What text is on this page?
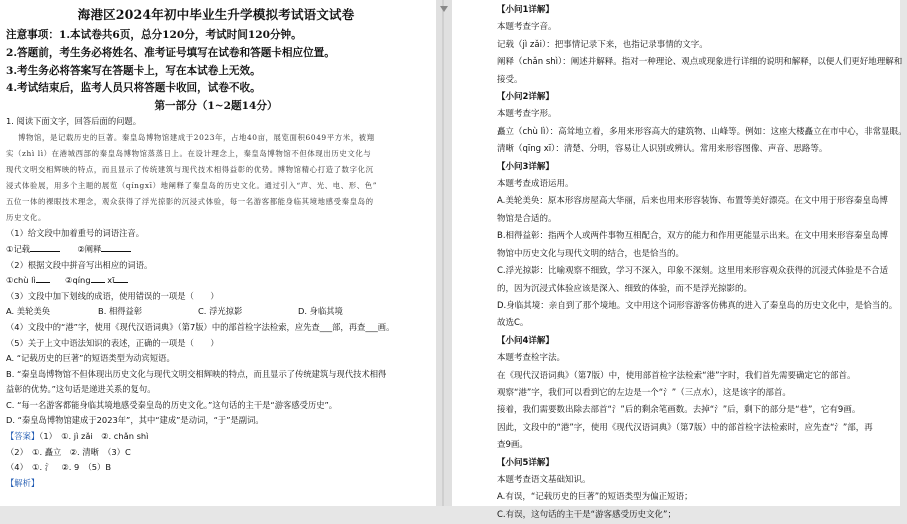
海港区2024年初中毕业生升学模拟考试语文试卷
注意事项：1.本试卷共6页，总分120分，考试时间120分钟。
2.答题前，考生务必将姓名、准考证号填写在试卷和答题卡相应位置。
3.考生务必将答案写在答题卡上，写在本试卷上无效。
4.考试结束后，监考人员只将答题卡收回，试卷不收。
第一部分（1~2题14分）
1. 阅读下面文字，回答后面的问题。
博物馆，是记载历史的巨著。秦皇岛博物馆建成于2023年，占地40亩，展览面积6049平方米，被翔
实（zhì lì）在港城西部的秦皇岛博物馆蒸蒸日上。在设计理念上，秦皇岛博物馆不但体现出历史文化与
现代文明交相辉映的特点，而且显示了传统建筑与现代技术相得益彰的优势。博物馆精心打造了数字化沉
浸式体验展，用多个主题的展览（qíngxī）地阐释了秦皇岛的历史文化。通过引入“声、光、电、形、色”
五位一体的裸眼技术理念，观众获得了浮光掠影的沉浸式体验，每一名游客都能身临其境地感受秦皇岛的
历史文化。
（1）给文段中加着重号的词语注音。
①记载	②阐释
（2）根据文段中拼音写出相应的词语。
①chù lì	②qíng xī
（3）文段中加下划线的成语，使用错误的一项是（　　）
A. 美轮美奂	B. 相得益彰	C. 浮光掠影	D. 身临其境
（4）文段中的“港”字，使用《现代汉语词典》（第7版）中的部首检字法检索，应先查___部，再查___画。
（5）关于上文中语法知识的表述，正确的一项是（　　）
A. “记载历史的巨著”的短语类型为动宾短语。
B. “秦皇岛博物馆不但体现出历史文化与现代文明交相辉映的特点，而且显示了传统建筑与现代技术相得
益彰的优势。”这句话是递进关系的复句。
C. “每一名游客都能身临其境地感受秦皇岛的历史文化。”这句话的主干是“游客感受历史”。
D. “秦皇岛博物馆建成于2023年”，其中“建成”是动词，“于”是副词。
【答案】（1）　①. jì zǎi　②. chǎn shì
（2）　①. 矗立　②. 清晰　（3）C
（4）　①. 氵　②. 9　（5）B
【解析】
【小问1详解】
本题考查字音。
记载（jì zǎi）：把事情记录下来，也指记录事情的文字。
阐释（chǎn shì）：阐述并解释。指对一种理论、观点或现象进行详细的说明和解释，以便人们更好地理解和
接受。
【小问2详解】
本题考查字形。
矗立（chù lì）：高耸地立着，多用来形容高大的建筑物、山峰等。例如：这座大楼矗立在市中心，非常显眼。
清晰（qīng xī）：清楚、分明，容易让人识别或辨认。常用来形容图像、声音、思路等。
【小问3详解】
本题考查成语运用。
A.美轮美奂：原本形容房屋高大华丽，后来也用来形容装饰、布置等美好漂亮。在文中用于形容秦皇岛博
物馆是合适的。
B.相得益彰：指两个人或两件事物互相配合，双方的能力和作用更能显示出来。在文中用来形容秦皇岛博
物馆中历史文化与现代文明的结合，也是恰当的。
C.浮光掠影：比喻观察不细致，学习不深入，印象不深刻。这里用来形容观众获得的沉浸式体验是不合适
的，因为沉浸式体验应该是深入、细致的体验，而不是浮光掠影的。
D.身临其境：亲自到了那个境地。文中用这个词形容游客仿佛真的进入了秦皇岛的历史文化中，是恰当的。
故选C。
【小问4详解】
本题考查检字法。
在《现代汉语词典》（第7版）中，使用部首检字法检索“港”字时，我们首先需要确定它的部首。
观察“港”字，我们可以看到它的左边是一个“氵”（三点水），这是该字的部首。
接着，我们需要数出除去部首“氵”后的剩余笔画数。去掉“氵”后，剩下的部分是“巷”，它有9画。
因此，文段中的“港”字，使用《现代汉语词典》（第7版）中的部首检字法检索时，应先查“氵”部，再
查9画。
【小问5详解】
本题考查语文基础知识。
A.有误，“记载历史的巨著”的短语类型为偏正短语；
C.有误，这句话的主干是“游客感受历史文化”；
